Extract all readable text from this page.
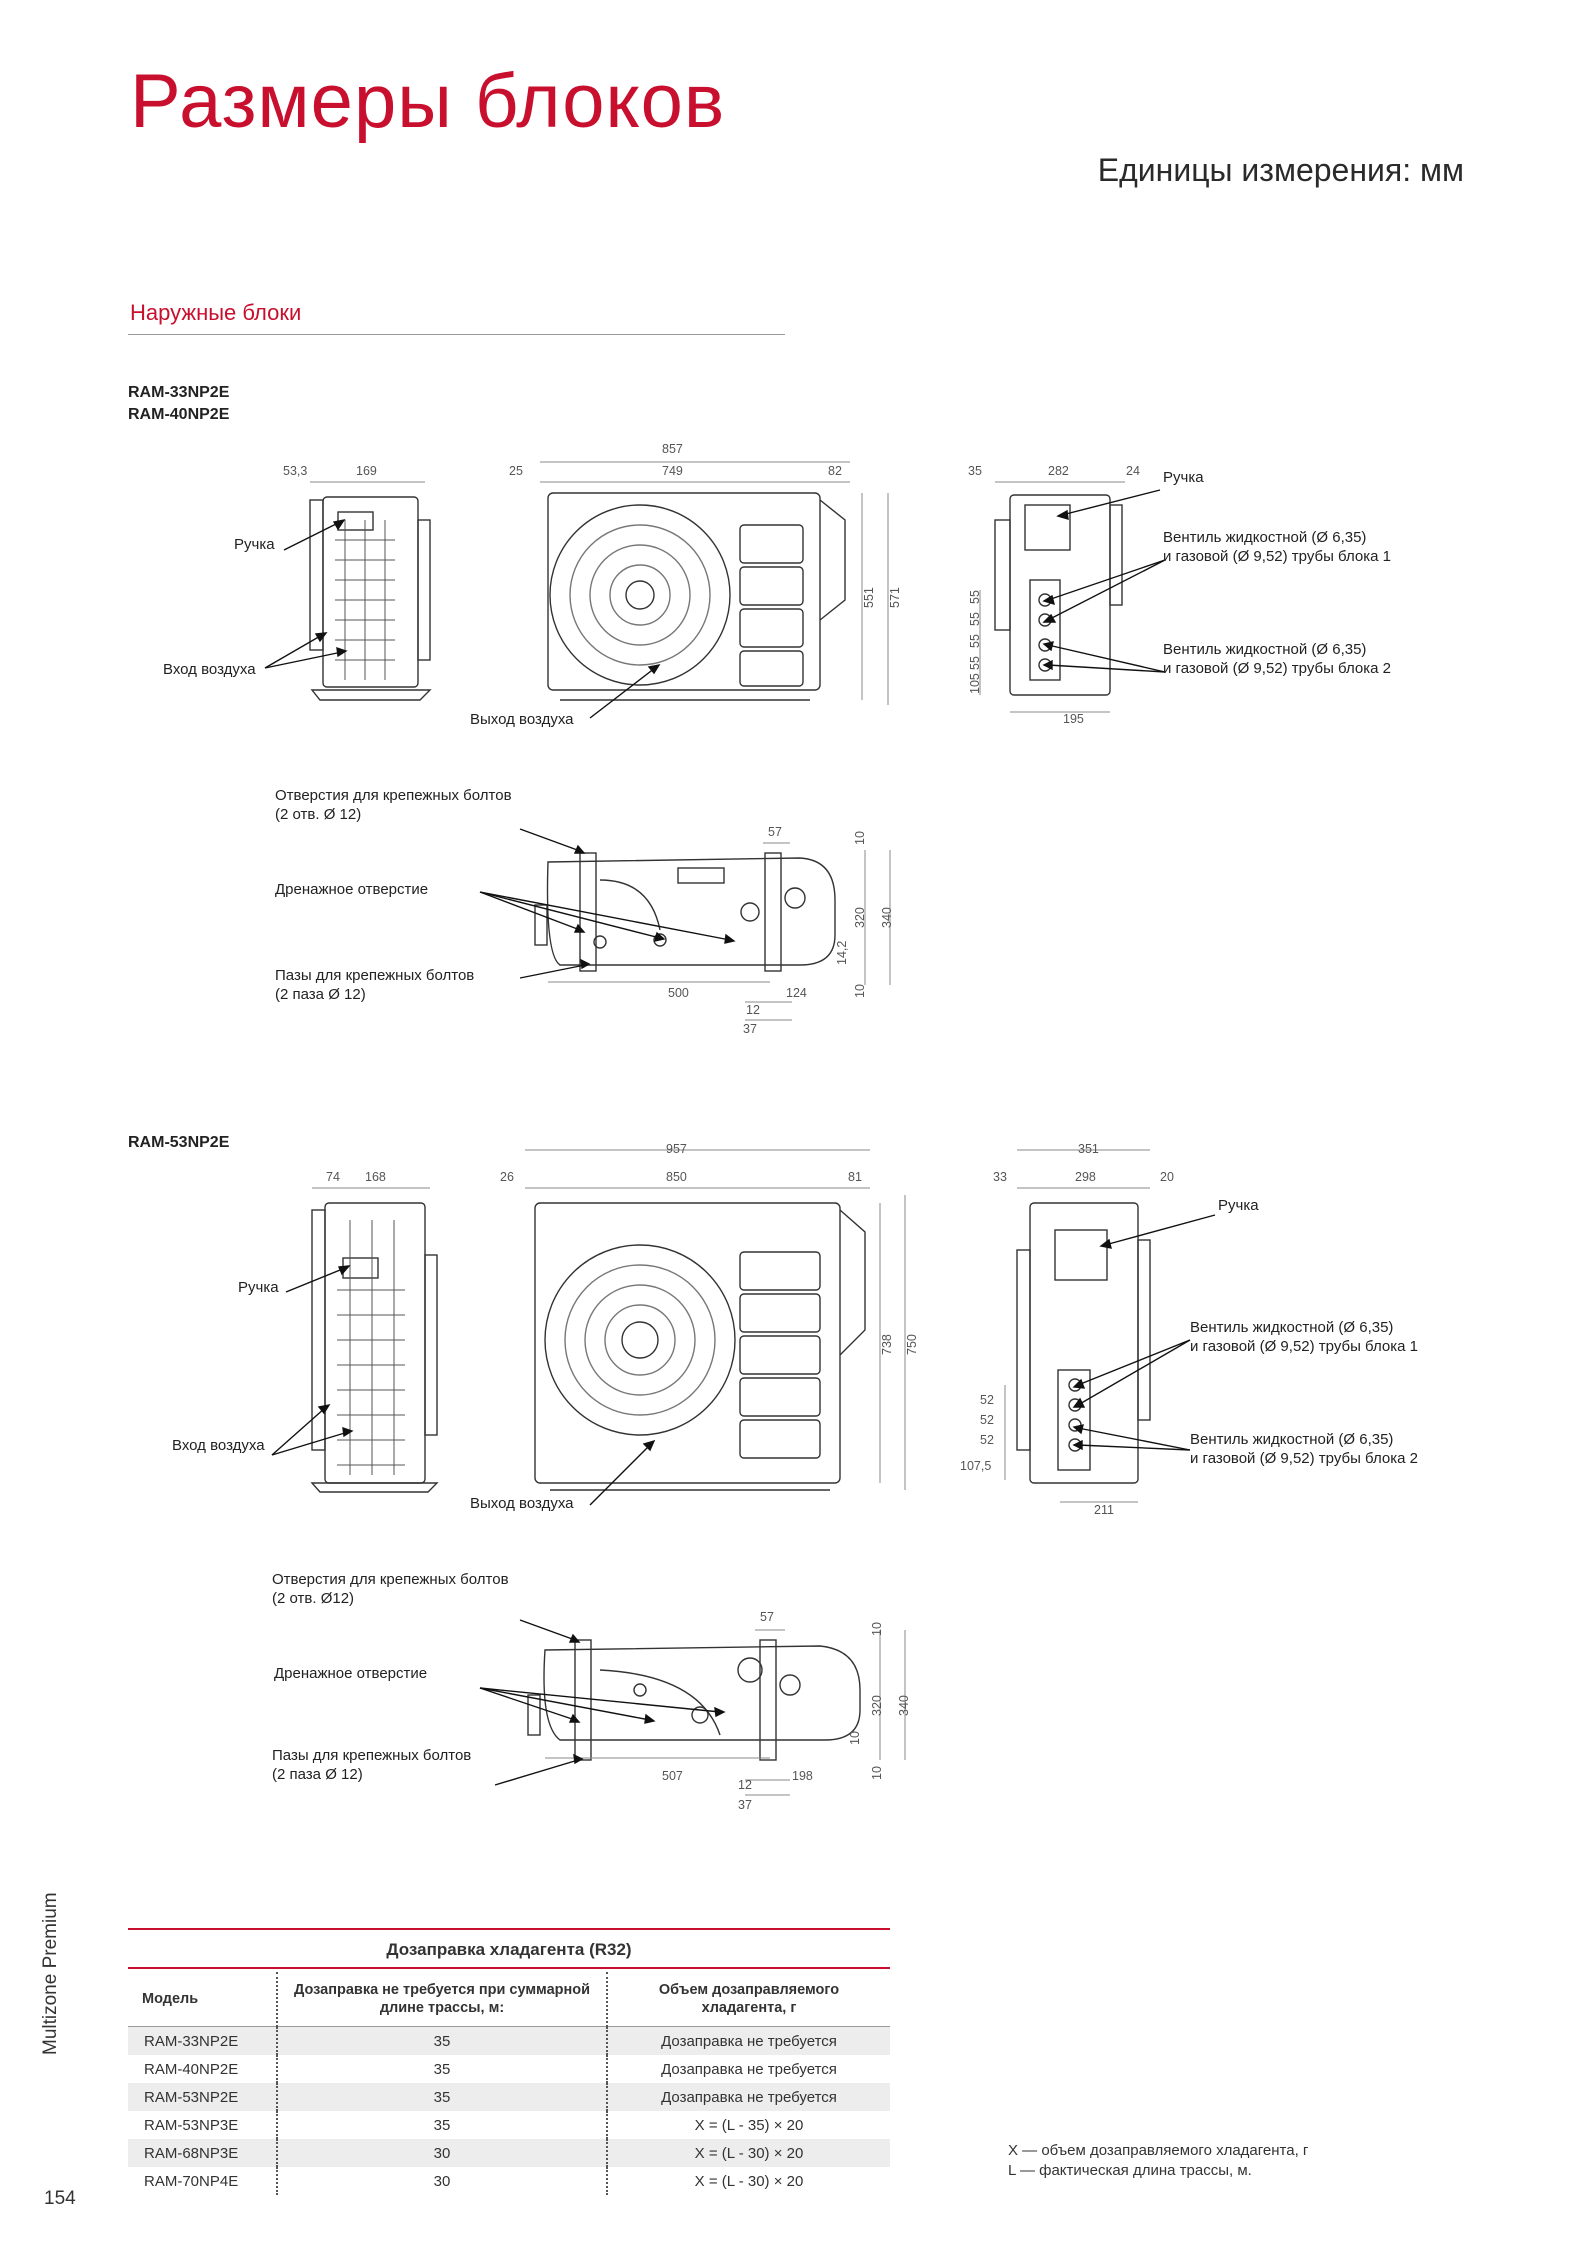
Размеры блоков
Единицы измерения: мм
Наружные блоки
RAM-33NP2E
RAM-40NP2E
Ручка
Вход воздуха
Выход воздуха
Ручка
Вентиль жидкостной (Ø 6,35)
и газовой (Ø 9,52) трубы блока 1
Вентиль жидкостной (Ø 6,35)
и газовой (Ø 9,52) трубы блока 2
Отверстия для крепежных болтов
(2 отв. Ø 12)
Дренажное отверстие
Пазы для крепежных болтов
(2 паза Ø 12)
53,3	169
857
25	749	82
551 571
35	282	24
105
55
55
55
55
195
57	10
320 340
14,2
10
500
12
124
37
RAM-53NP2E
Ручка
Вход воздуха
Выход воздуха
Ручка
Вентиль жидкостной (Ø 6,35)
и газовой (Ø 9,52) трубы блока 1
Вентиль жидкостной (Ø 6,35)
и газовой (Ø 9,52) трубы блока 2
Отверстия для крепежных болтов
(2 отв. Ø12)
Дренажное отверстие
Пазы для крепежных болтов
(2 паза Ø 12)
74 168
957
26	850	81
738 750
351
33	298	20
52
52
52
107,5
211
57
10
320 340
10
10
507
12
198
37
Multizone Premium
154
Дозаправка хладагента (R32)
Модель	Дозаправка не требуется при суммарной длине трассы, м:	Объем дозаправляемого хладагента, г
RAM-33NP2E	35	Дозаправка не требуется
RAM-40NP2E	35	Дозаправка не требуется
RAM-53NP2E	35	Дозаправка не требуется
RAM-53NP3E	35	X = (L - 35) × 20
RAM-68NP3E	30	X = (L - 30) × 20
RAM-70NP4E	30	X = (L - 30) × 20
X — объем дозаправляемого хладагента, г
L — фактическая длина трассы, м.
